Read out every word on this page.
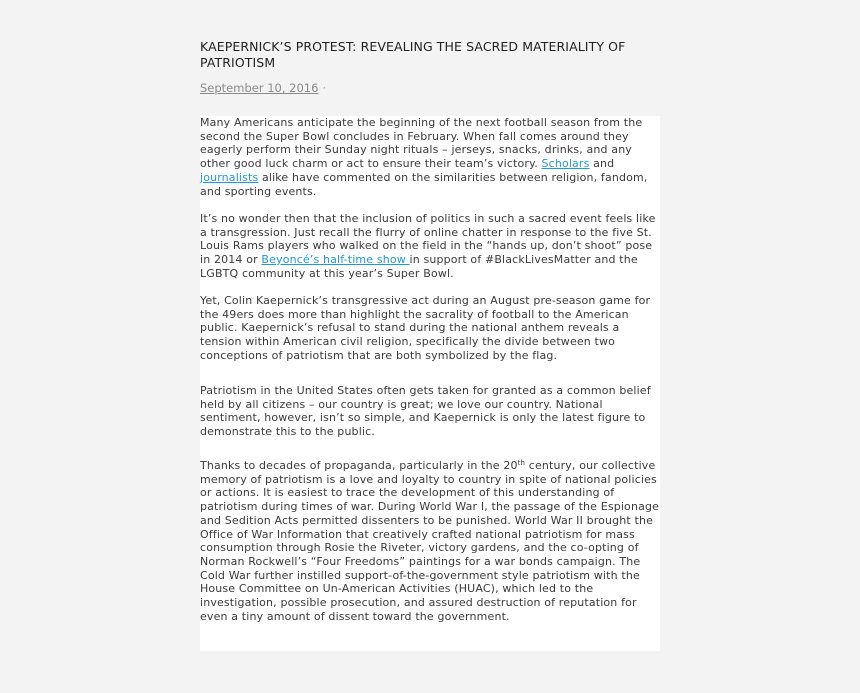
KAEPERNICK’S PROTEST: REVEALING THE SACRED MATERIALITY OF PATRIOTISM
September 10, 2016 ·

Many Americans anticipate the beginning of the next football season from the second the Super Bowl concludes in February. When fall comes around they eagerly perform their Sunday night rituals – jerseys, snacks, drinks, and any other good luck charm or act to ensure their team’s victory. Scholars and journalists alike have commented on the similarities between religion, fandom, and sporting events.

It’s no wonder then that the inclusion of politics in such a sacred event feels like a transgression. Just recall the flurry of online chatter in response to the five St. Louis Rams players who walked on the field in the “hands up, don’t shoot” pose in 2014 or Beyoncé’s half-time show in support of #BlackLivesMatter and the LGBTQ community at this year’s Super Bowl.

Yet, Colin Kaepernick’s transgressive act during an August pre-season game for the 49ers does more than highlight the sacrality of football to the American public. Kaepernick’s refusal to stand during the national anthem reveals a tension within American civil religion, specifically the divide between two conceptions of patriotism that are both symbolized by the flag.

Patriotism in the United States often gets taken for granted as a common belief held by all citizens – our country is great; we love our country. National sentiment, however, isn’t so simple, and Kaepernick is only the latest figure to demonstrate this to the public.

Thanks to decades of propaganda, particularly in the 20th century, our collective memory of patriotism is a love and loyalty to country in spite of national policies or actions. It is easiest to trace the development of this understanding of patriotism during times of war. During World War I, the passage of the Espionage and Sedition Acts permitted dissenters to be punished. World War II brought the Office of War Information that creatively crafted national patriotism for mass consumption through Rosie the Riveter, victory gardens, and the co-opting of Norman Rockwell’s “Four Freedoms” paintings for a war bonds campaign. The Cold War further instilled support-of-the-government style patriotism with the House Committee on Un-American Activities (HUAC), which led to the investigation, possible prosecution, and assured destruction of reputation for even a tiny amount of dissent toward the government.
